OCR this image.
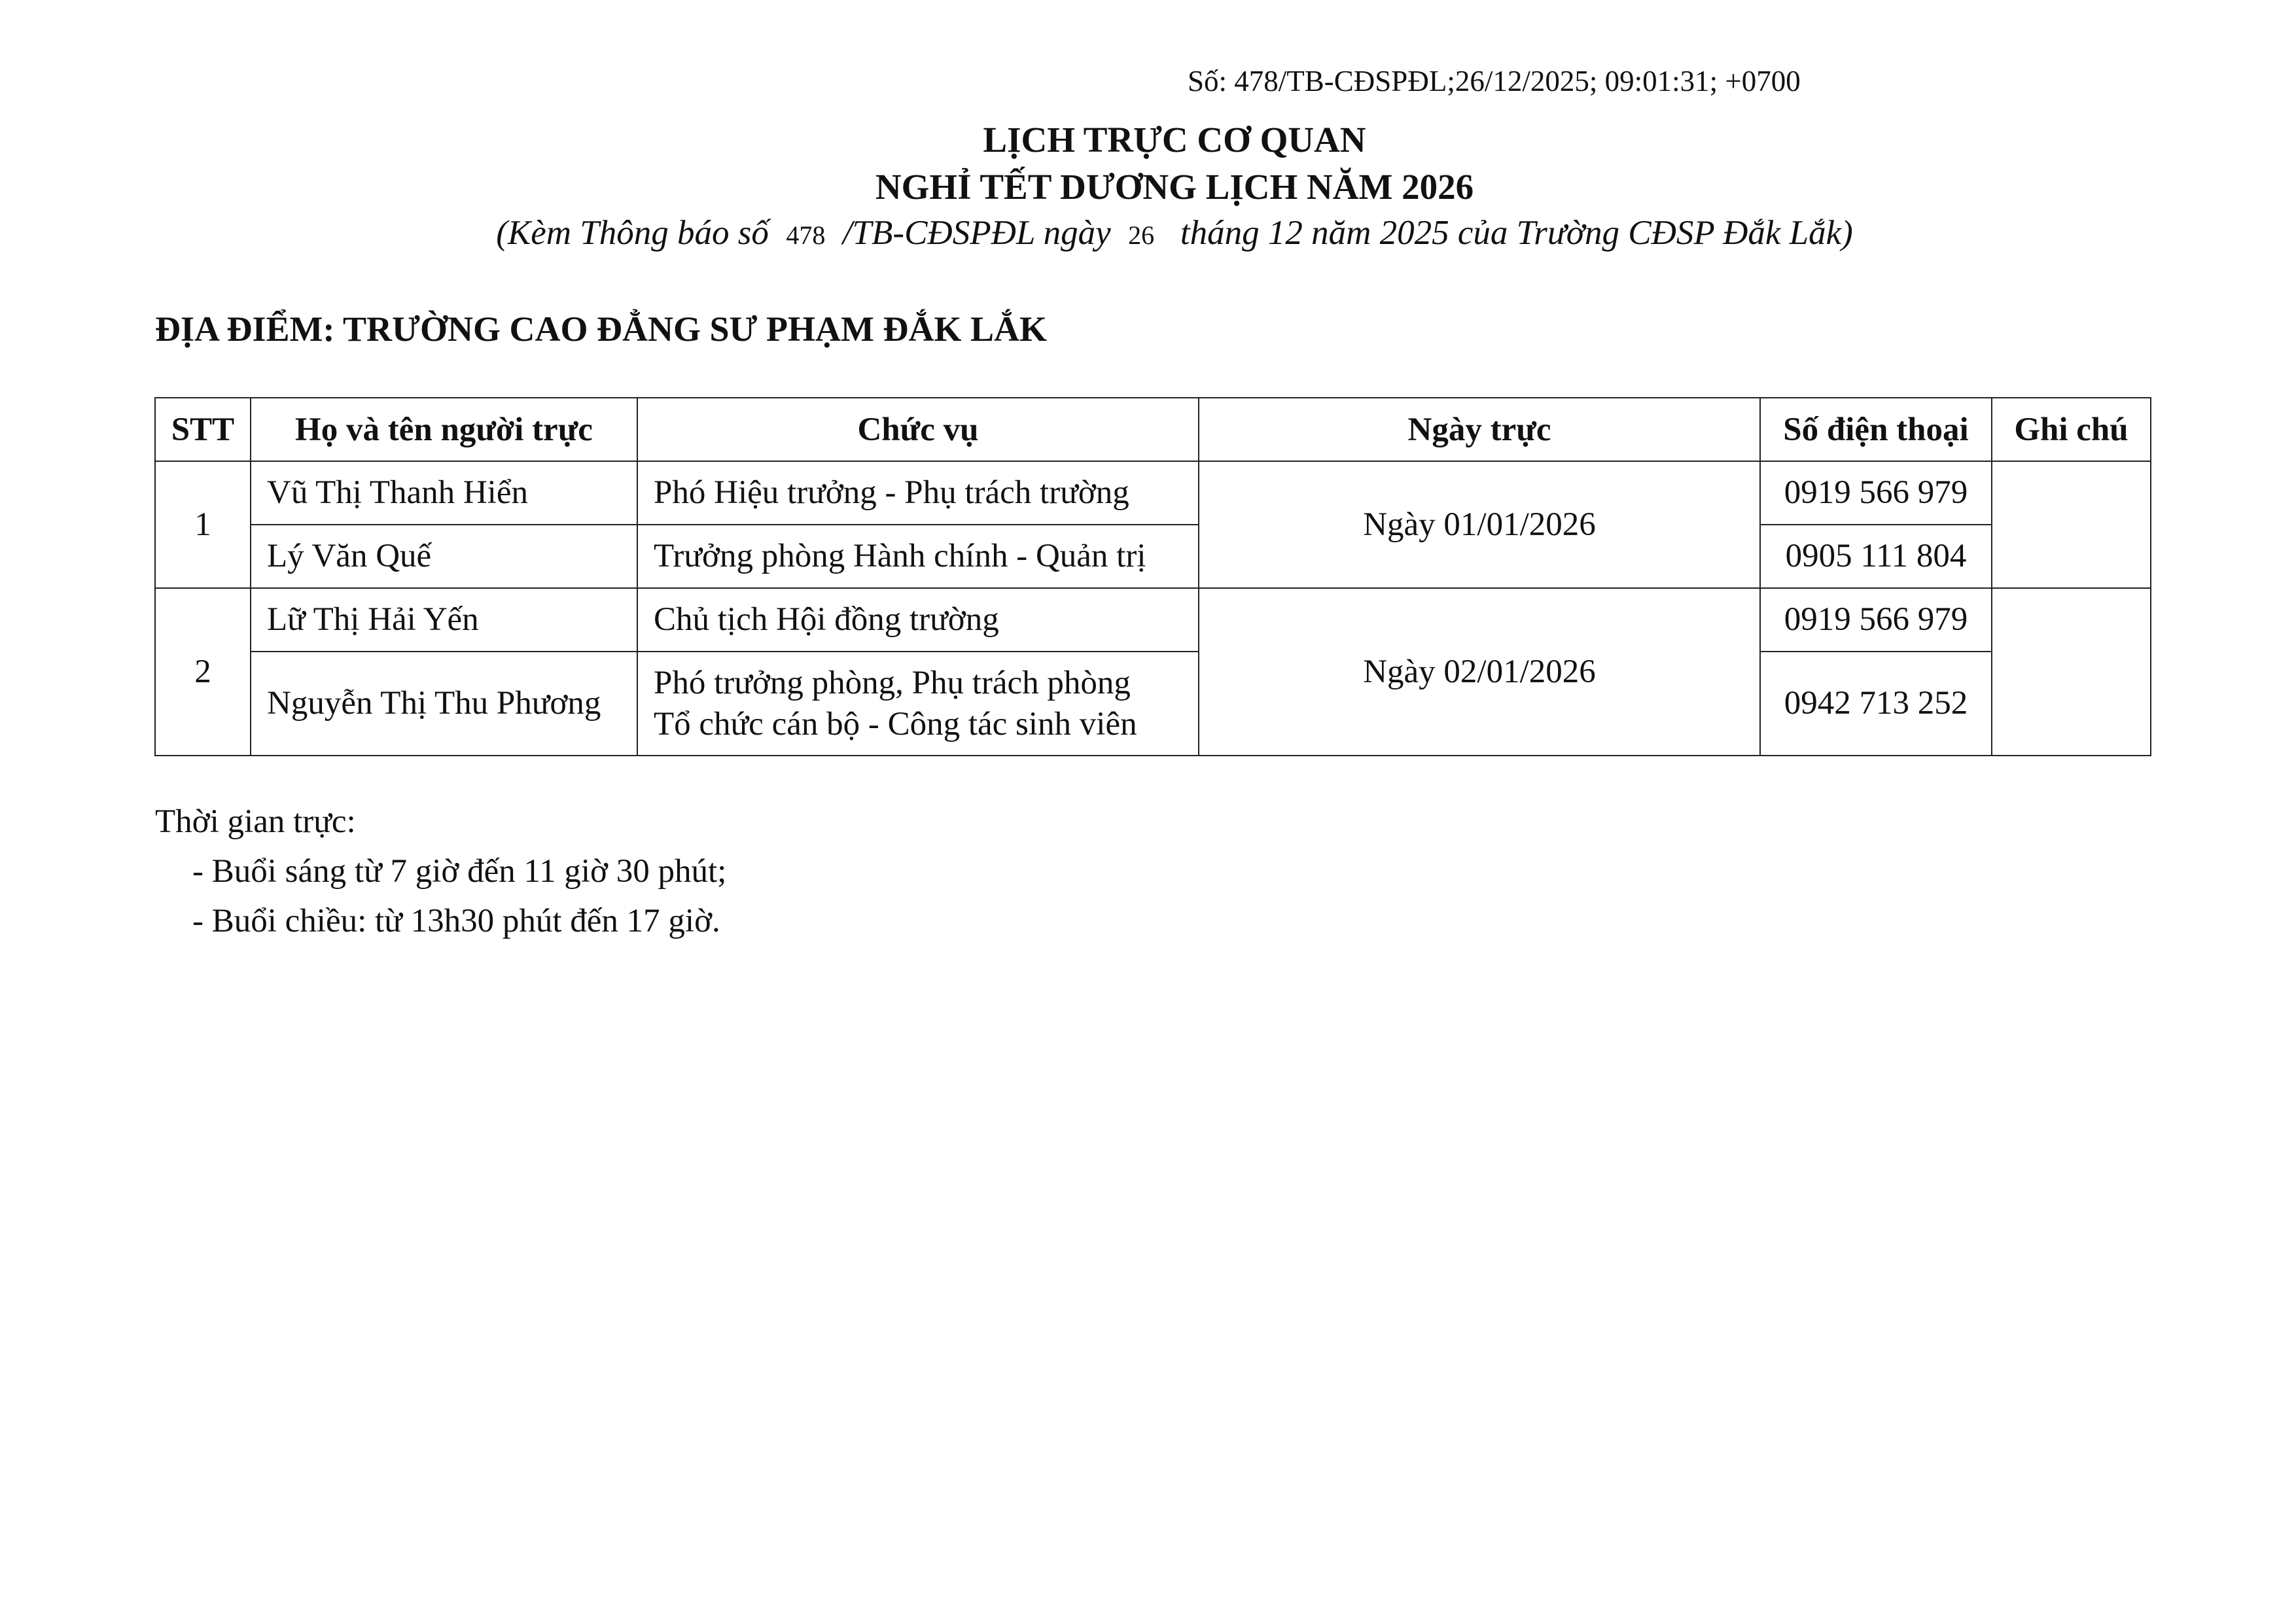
Số: 478/TB-CĐSPĐL;26/12/2025; 09:01:31; +0700
LỊCH TRỰC CƠ QUAN
NGHỈ TẾT DƯƠNG LỊCH NĂM 2026
(Kèm Thông báo số 478 /TB-CĐSPĐL ngày 26 tháng 12 năm 2025 của Trường CĐSP Đắk Lắk)
ĐỊA ĐIỂM: TRƯỜNG CAO ĐẲNG SƯ PHẠM ĐẮK LẮK
STT	Họ và tên người trực	Chức vụ	Ngày trực	Số điện thoại	Ghi chú
1	Vũ Thị Thanh Hiển	Phó Hiệu trưởng - Phụ trách trường	Ngày 01/01/2026	0919 566 979	
	Lý Văn Quế	Trưởng phòng Hành chính - Quản trị		0905 111 804	
2	Lữ Thị Hải Yến	Chủ tịch Hội đồng trường	Ngày 02/01/2026	0919 566 979	
	Nguyễn Thị Thu Phương	Phó trưởng phòng, Phụ trách phòng
Tổ chức cán bộ - Công tác sinh viên		0942 713 252	
Thời gian trực:
- Buổi sáng từ 7 giờ đến 11 giờ 30 phút;
- Buổi chiều: từ 13h30 phút đến 17 giờ.
